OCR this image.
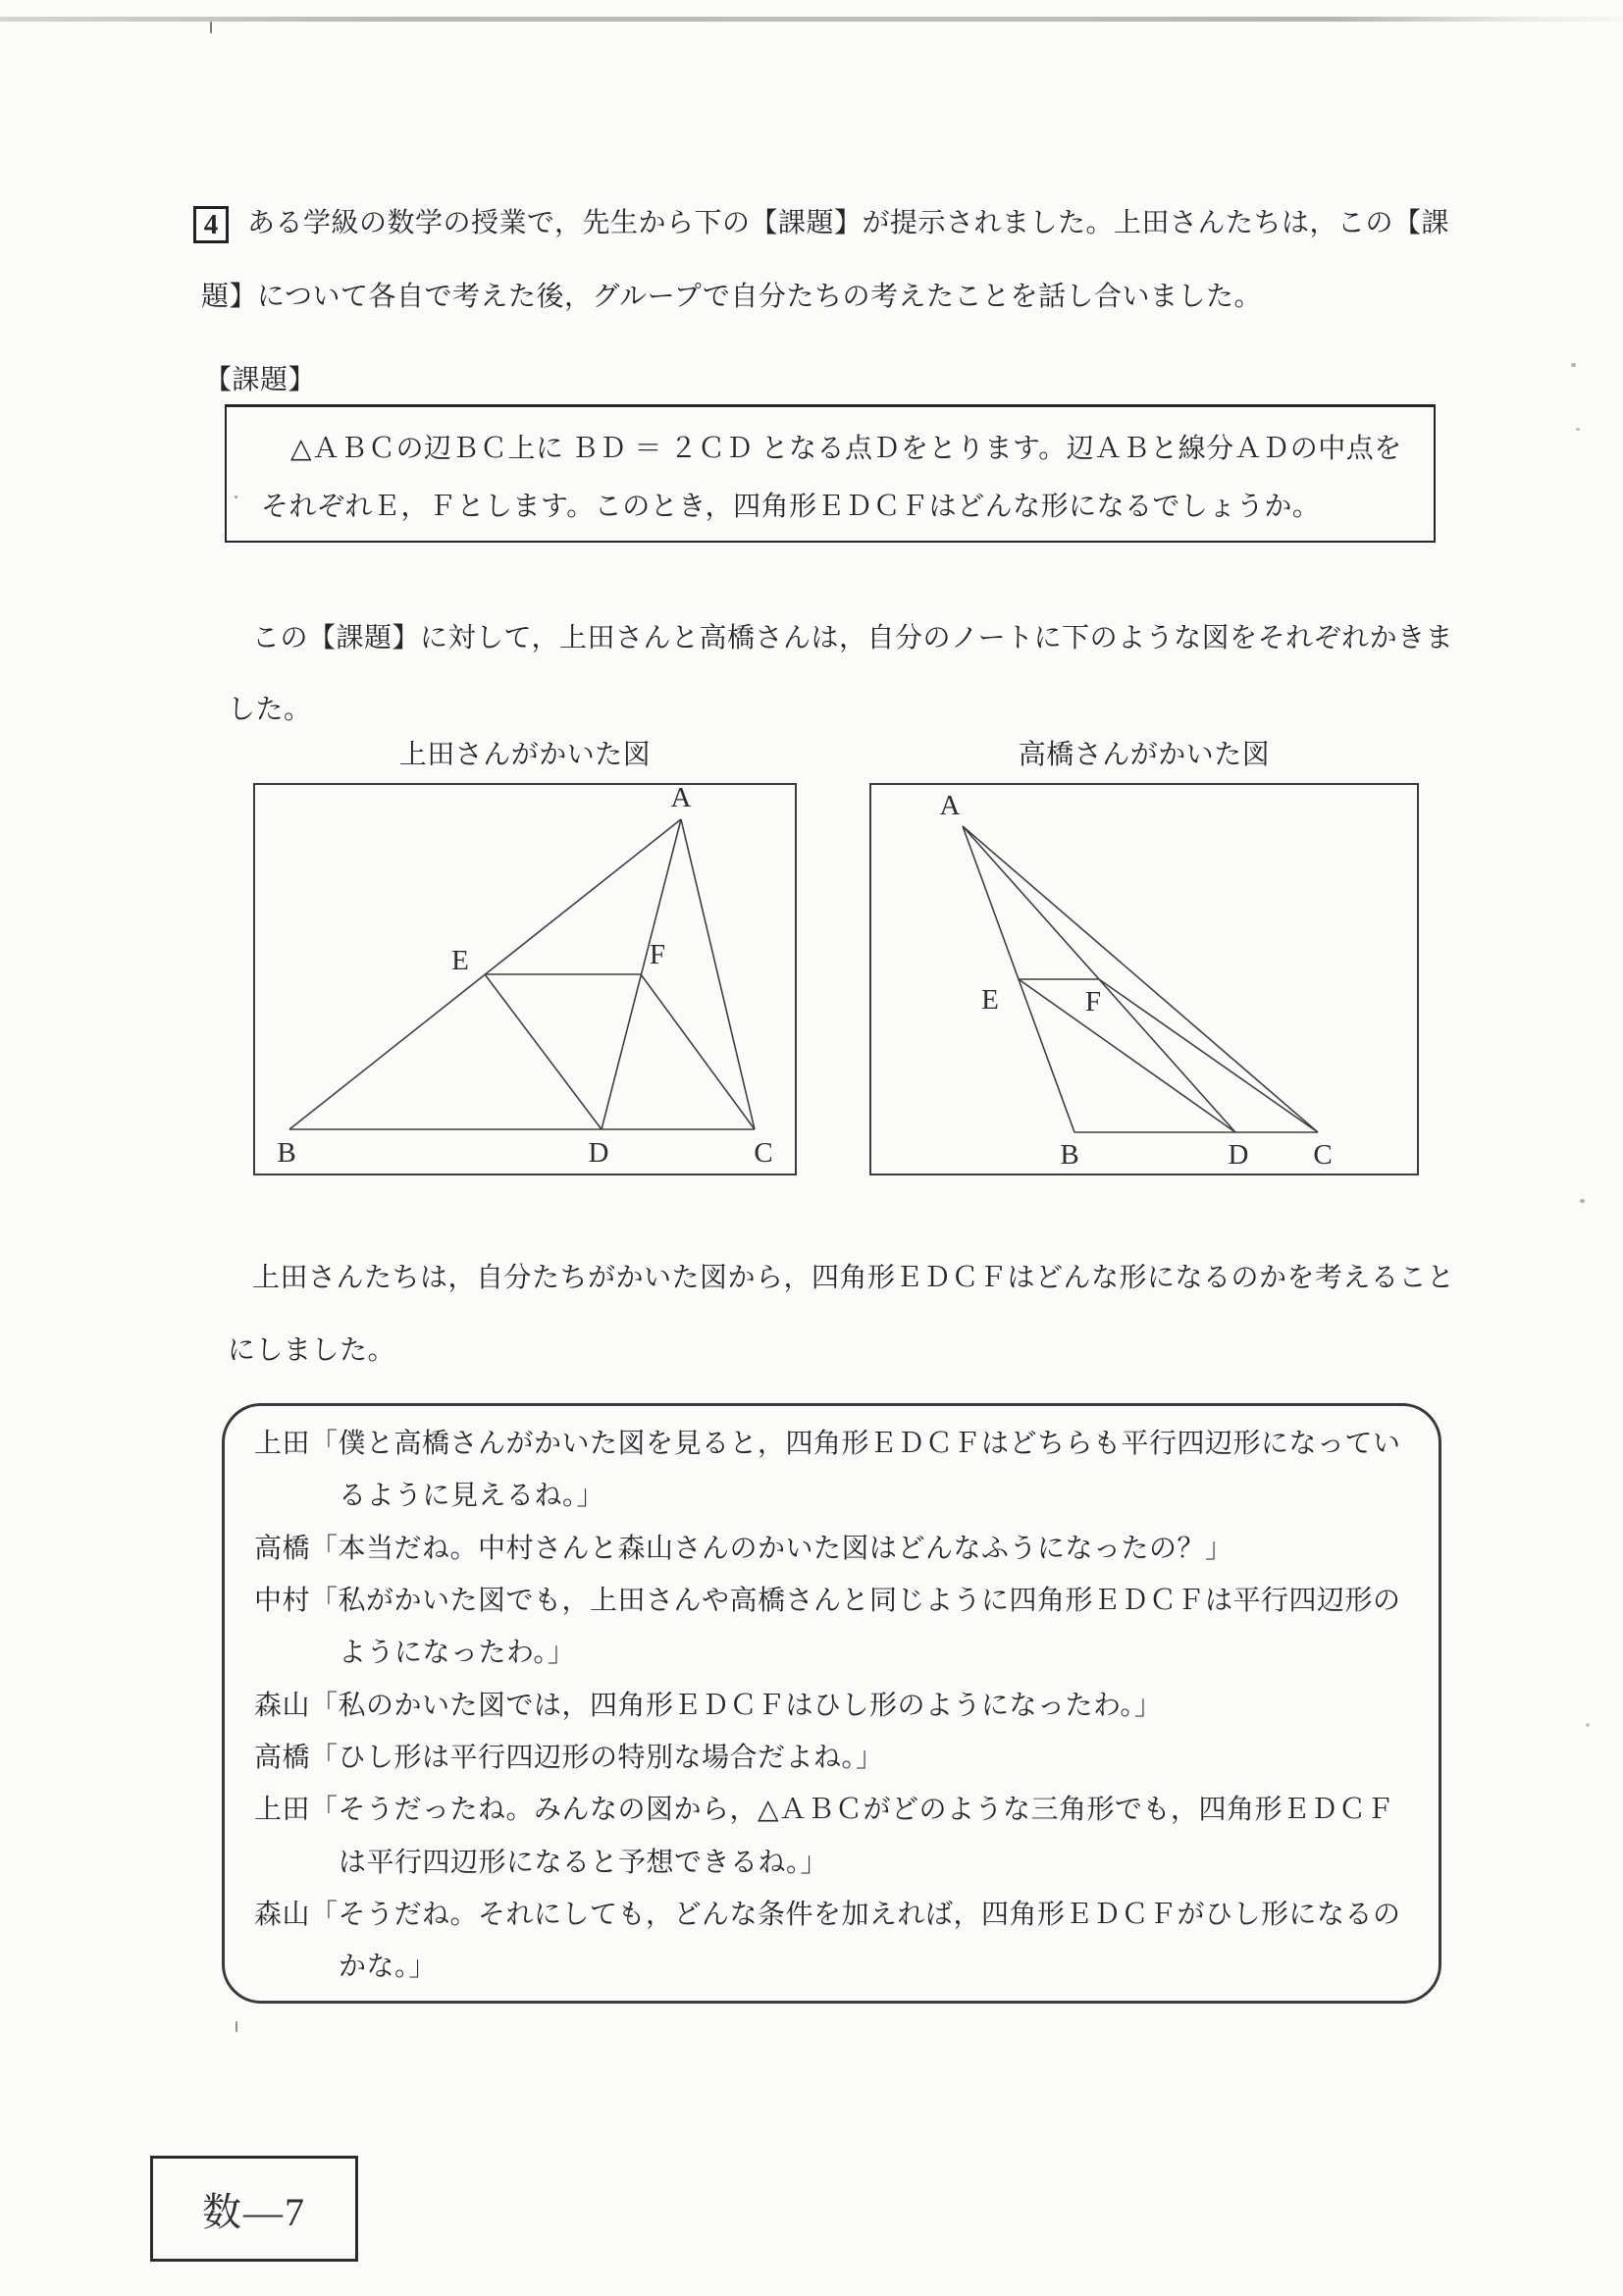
4 ある学級の数学の授業で，先生から下の【課題】が提示されました。上田さんたちは，この【課
題】について各自で考えた後，グループで自分たちの考えたことを話し合いました。
【課題】
△ＡＢＣの辺ＢＣ上に ＢＤ ＝ ２ＣＤ となる点Ｄをとります。辺ＡＢと線分ＡＤの中点を
それぞれＥ，Ｆとします。このとき，四角形ＥＤＣＦはどんな形になるでしょうか。
この【課題】に対して，上田さんと高橋さんは，自分のノートに下のような図をそれぞれかきま
した。
上田さんがかいた図	高橋さんがかいた図
A
B	D	C
E	F
A
B	D C
E	F
上田さんたちは，自分たちがかいた図から，四角形ＥＤＣＦはどんな形になるのかを考えること
にしました。
上田「僕と高橋さんがかいた図を見ると，四角形ＥＤＣＦはどちらも平行四辺形になってい
るように見えるね。」
高橋「本当だね。中村さんと森山さんのかいた図はどんなふうになったの？」
中村「私がかいた図でも，上田さんや高橋さんと同じように四角形ＥＤＣＦは平行四辺形の
ようになったわ。」
森山「私のかいた図では，四角形ＥＤＣＦはひし形のようになったわ。」
高橋「ひし形は平行四辺形の特別な場合だよね。」
上田「そうだったね。みんなの図から，△ＡＢＣがどのような三角形でも，四角形ＥＤＣＦ
は平行四辺形になると予想できるね。」
森山「そうだね。それにしても，どんな条件を加えれば，四角形ＥＤＣＦがひし形になるの
かな。」
数―7
